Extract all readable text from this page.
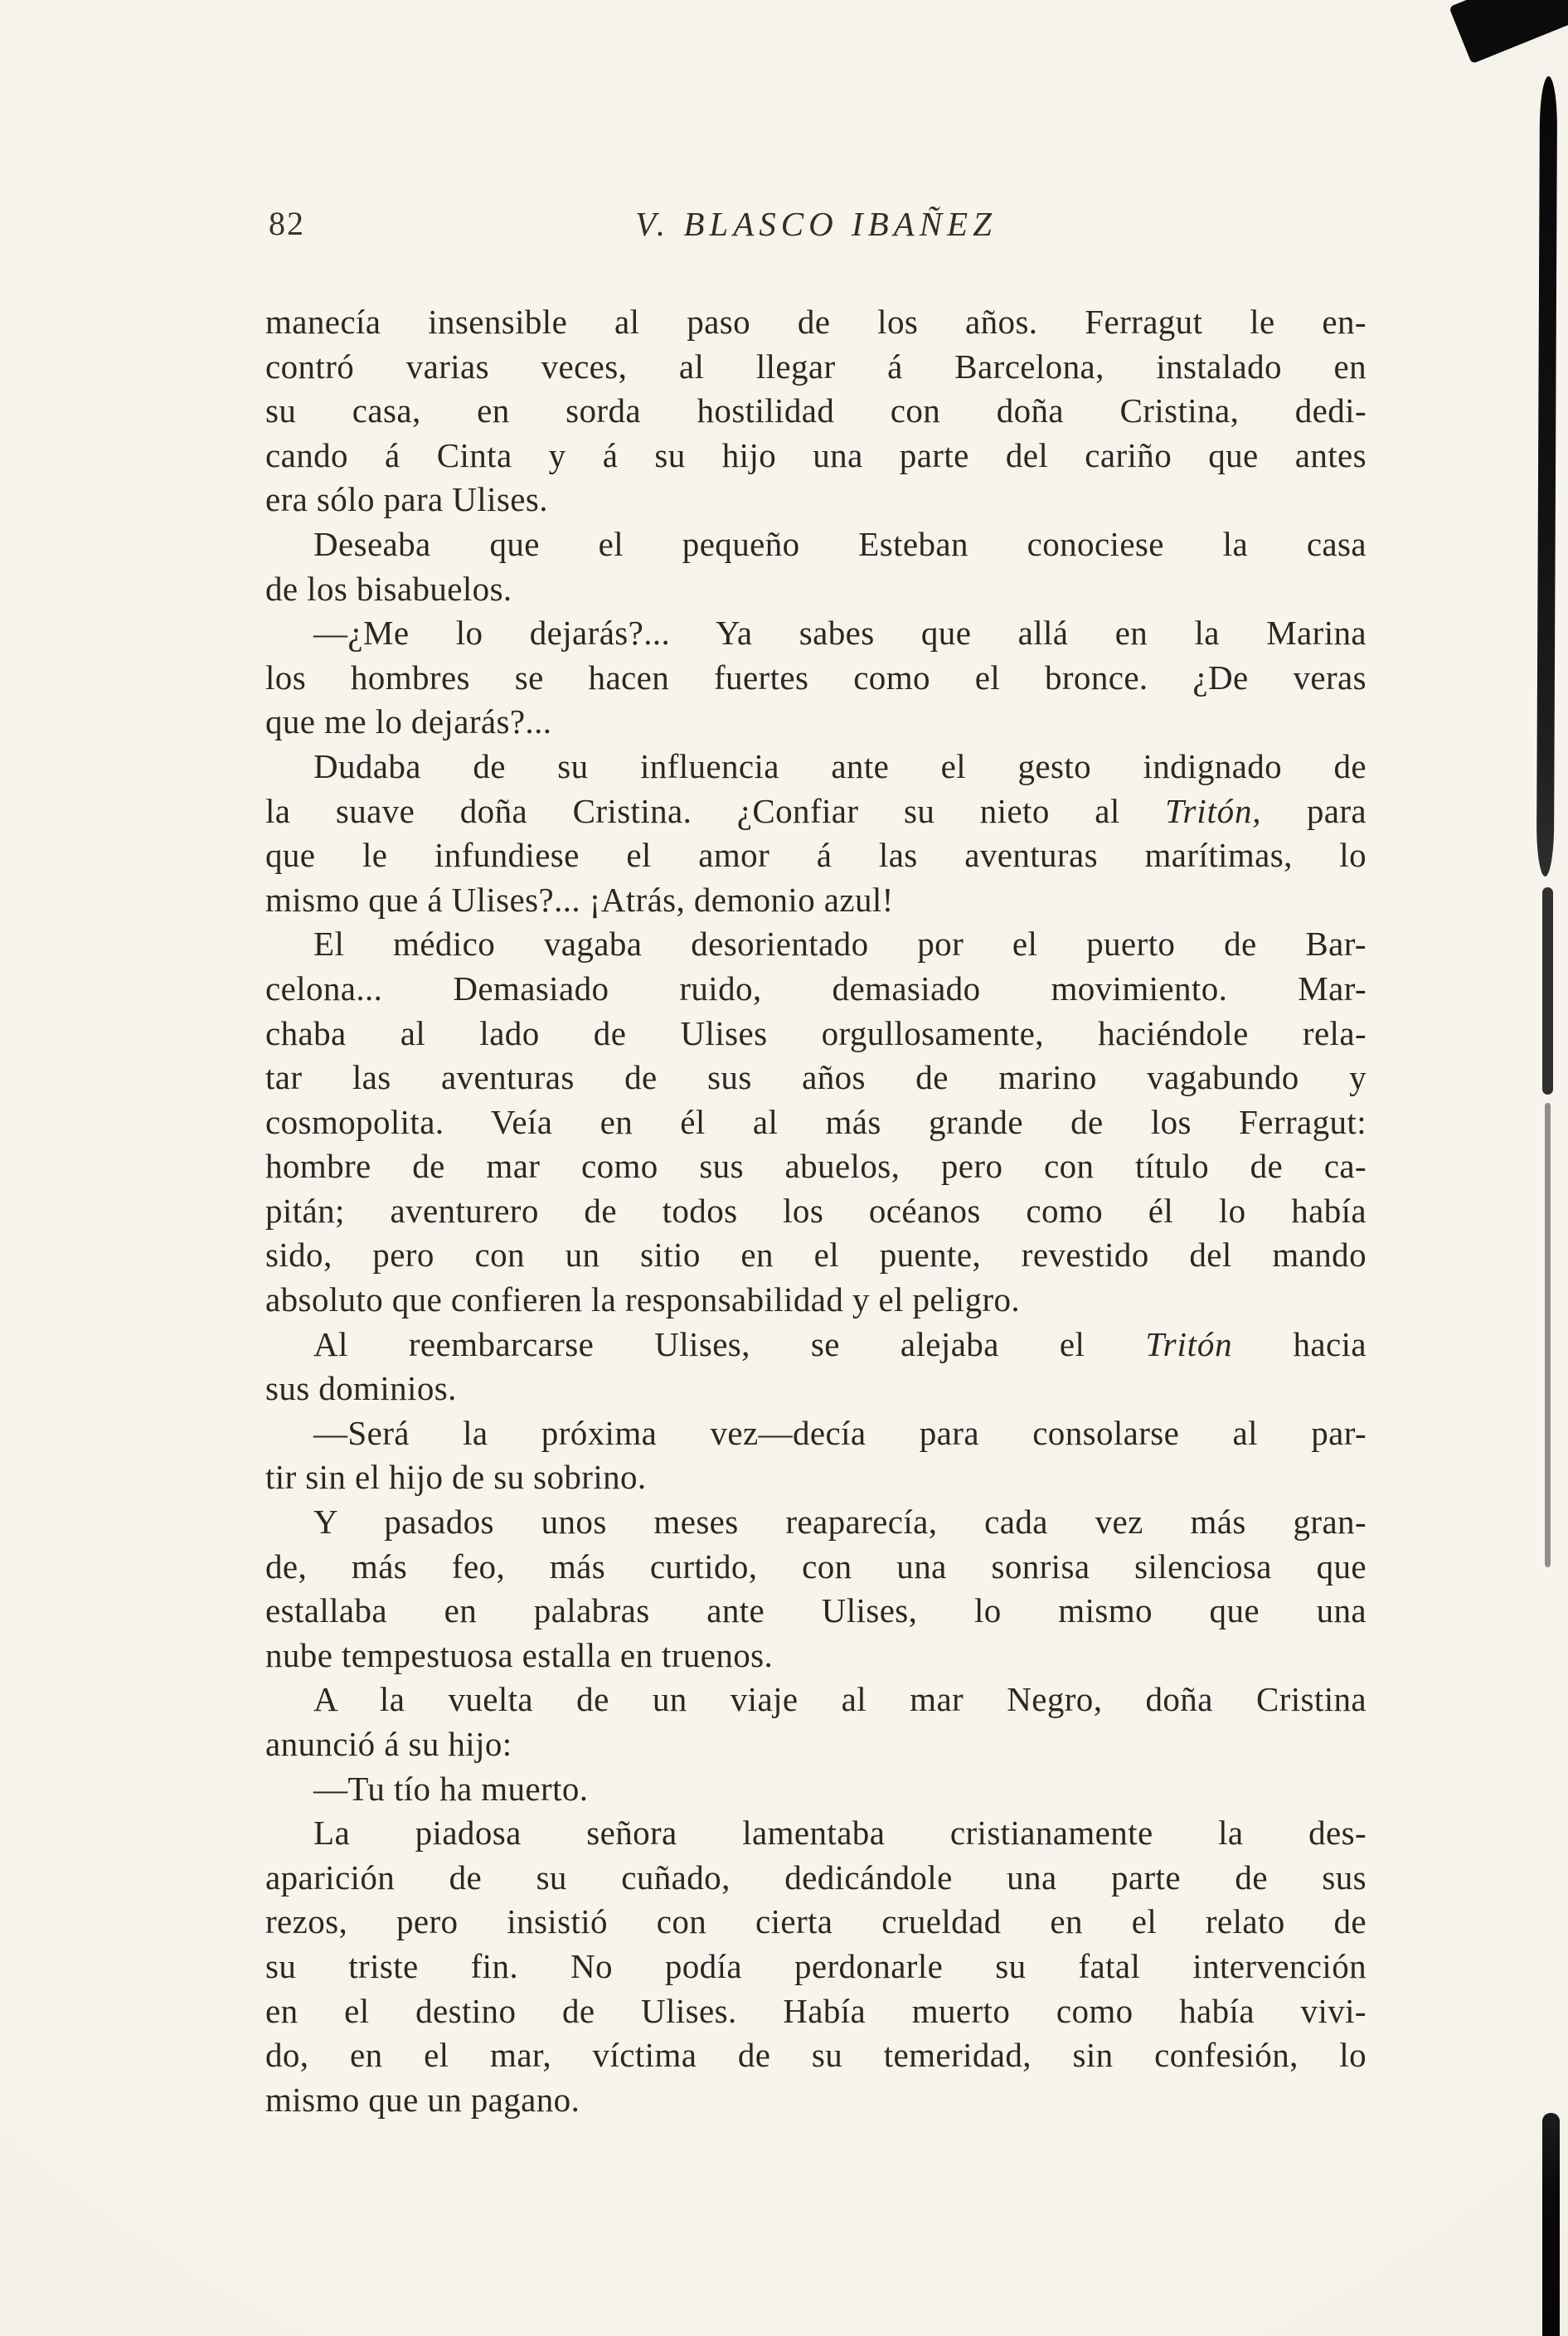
82	V. BLASCO IBAÑEZ
manecía insensible al paso de los años. Ferragut le en-
contró varias veces, al llegar á Barcelona, instalado en
su casa, en sorda hostilidad con doña Cristina, dedi-
cando á Cinta y á su hijo una parte del cariño que antes
era sólo para Ulises.
Deseaba que el pequeño Esteban conociese la casa
de los bisabuelos.
—¿Me lo dejarás?... Ya sabes que allá en la Marina
los hombres se hacen fuertes como el bronce. ¿De veras
que me lo dejarás?...
Dudaba de su influencia ante el gesto indignado de
la suave doña Cristina. ¿Confiar su nieto al Tritón, para
que le infundiese el amor á las aventuras marítimas, lo
mismo que á Ulises?... ¡Atrás, demonio azul!
El médico vagaba desorientado por el puerto de Bar-
celona... Demasiado ruido, demasiado movimiento. Mar-
chaba al lado de Ulises orgullosamente, haciéndole rela-
tar las aventuras de sus años de marino vagabundo y
cosmopolita. Veía en él al más grande de los Ferragut:
hombre de mar como sus abuelos, pero con título de ca-
pitán; aventurero de todos los océanos como él lo había
sido, pero con un sitio en el puente, revestido del mando
absoluto que confieren la responsabilidad y el peligro.
Al reembarcarse Ulises, se alejaba el Tritón hacia
sus dominios.
—Será la próxima vez—decía para consolarse al par-
tir sin el hijo de su sobrino.
Y pasados unos meses reaparecía, cada vez más gran-
de, más feo, más curtido, con una sonrisa silenciosa que
estallaba en palabras ante Ulises, lo mismo que una
nube tempestuosa estalla en truenos.
A la vuelta de un viaje al mar Negro, doña Cristina
anunció á su hijo:
—Tu tío ha muerto.
La piadosa señora lamentaba cristianamente la des-
aparición de su cuñado, dedicándole una parte de sus
rezos, pero insistió con cierta crueldad en el relato de
su triste fin. No podía perdonarle su fatal intervención
en el destino de Ulises. Había muerto como había vivi-
do, en el mar, víctima de su temeridad, sin confesión, lo
mismo que un pagano.
